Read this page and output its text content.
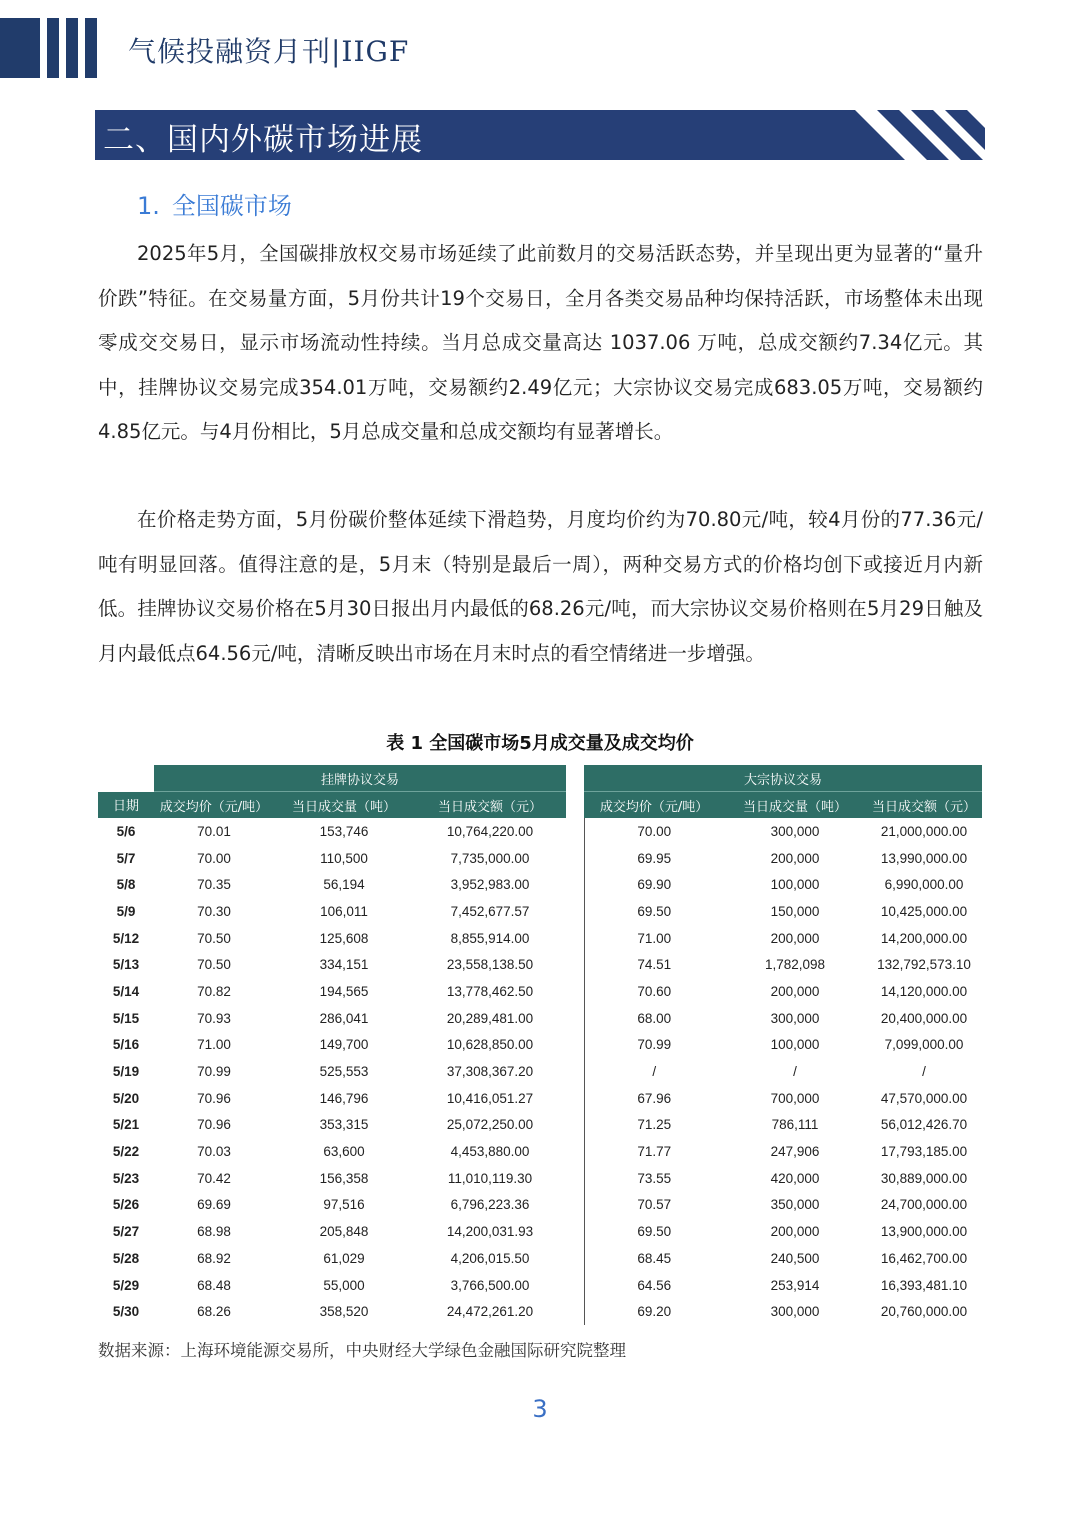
气候投融资月刊|IIGF
二、国内外碳市场进展
1. 全国碳市场

2025年5月，全国碳排放权交易市场延续了此前数月的交易活跃态势，并呈现出更为显著的“量升价跌”特征。在交易量方面，5月份共计19个交易日，全月各类交易品种均保持活跃，市场整体未出现零成交交易日，显示市场流动性持续。当月总成交量高达 1037.06 万吨，总成交额约7.34亿元。其中，挂牌协议交易完成354.01万吨，交易额约2.49亿元；大宗协议交易完成683.05万吨，交易额约4.85亿元。与4月份相比，5月总成交量和总成交额均有显著增长。

在价格走势方面，5月份碳价整体延续下滑趋势，月度均价约为70.80元/吨，较4月份的77.36元/吨有明显回落。值得注意的是，5月末（特别是最后一周），两种交易方式的价格均创下或接近月内新低。挂牌协议交易价格在5月30日报出月内最低的68.26元/吨，而大宗协议交易价格则在5月29日触及月内最低点64.56元/吨，清晰反映出市场在月末时点的看空情绪进一步增强。

表 1 全国碳市场5月成交量及成交均价
	挂牌协议交易				大宗协议交易		
日期	成交均价（元/吨）	当日成交量（吨）	当日成交额（元）		成交均价（元/吨）	当日成交量（吨）	当日成交额（元）
5/6	70.01	153,746	10,764,220.00		70.00	300,000	21,000,000.00
5/7	70.00	110,500	7,735,000.00		69.95	200,000	13,990,000.00
5/8	70.35	56,194	3,952,983.00		69.90	100,000	6,990,000.00
5/9	70.30	106,011	7,452,677.57		69.50	150,000	10,425,000.00
5/12	70.50	125,608	8,855,914.00		71.00	200,000	14,200,000.00
5/13	70.50	334,151	23,558,138.50		74.51	1,782,098	132,792,573.10
5/14	70.82	194,565	13,778,462.50		70.60	200,000	14,120,000.00
5/15	70.93	286,041	20,289,481.00		68.00	300,000	20,400,000.00
5/16	71.00	149,700	10,628,850.00		70.99	100,000	7,099,000.00
5/19	70.99	525,553	37,308,367.20		/	/	/
5/20	70.96	146,796	10,416,051.27		67.96	700,000	47,570,000.00
5/21	70.96	353,315	25,072,250.00		71.25	786,111	56,012,426.70
5/22	70.03	63,600	4,453,880.00		71.77	247,906	17,793,185.00
5/23	70.42	156,358	11,010,119.30		73.55	420,000	30,889,000.00
5/26	69.69	97,516	6,796,223.36		70.57	350,000	24,700,000.00
5/27	68.98	205,848	14,200,031.93		69.50	200,000	13,900,000.00
5/28	68.92	61,029	4,206,015.50		68.45	240,500	16,462,700.00
5/29	68.48	55,000	3,766,500.00		64.56	253,914	16,393,481.10
5/30	68.26	358,520	24,472,261.20		69.20	300,000	20,760,000.00
数据来源：上海环境能源交易所，中央财经大学绿色金融国际研究院整理
3
